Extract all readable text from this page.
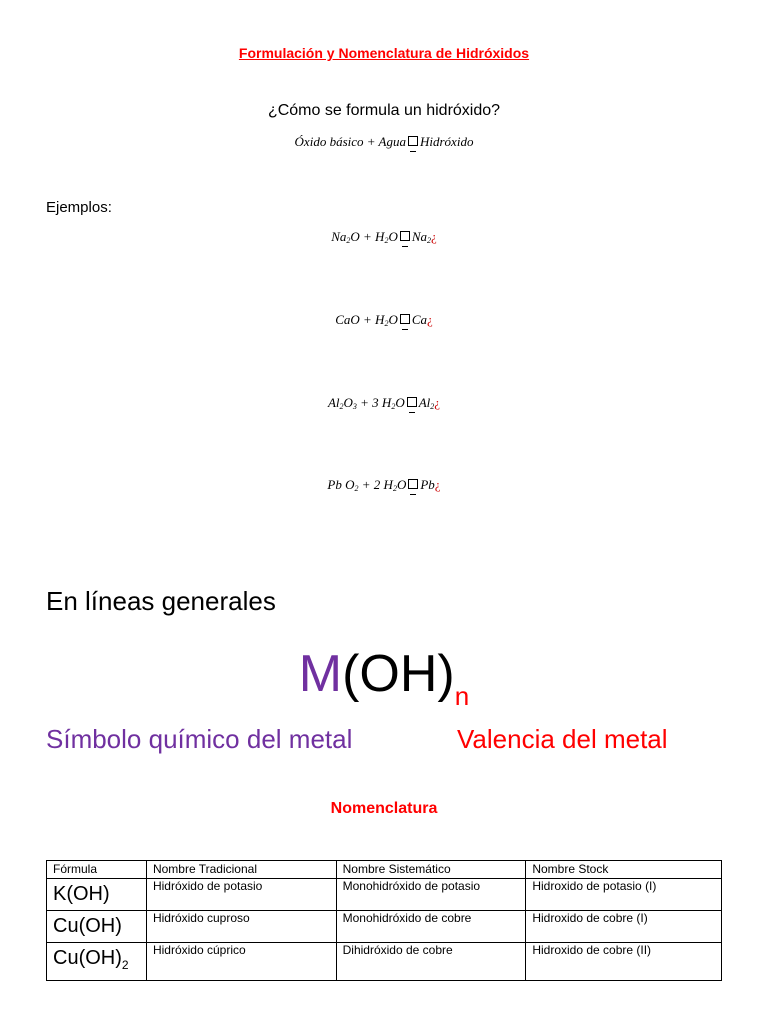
Formulación y Nomenclatura de Hidróxidos
¿Cómo se formula un hidróxido?
Óxido básico + Agua Hidróxido
Ejemplos:
$Na_2O + H_2O$ $Na_2¿$
CaO + $H_2O$ Ca¿
$Al_2O_3 + 3$ $H_2O$ $Al_2¿$
Pb $O_2 + 2$ $H_2O$ Pb¿
En líneas generales
$M(OH)_n$
Símbolo químico del metal	Valencia del metal
Nomenclatura
Fórmula	Nombre Tradicional	Nombre Sistemático	Nombre Stock
K(OH)	Hidróxido de potasio	Monohidróxido de potasio	Hidroxido de potasio (I)
Cu(OH)	Hidróxido cuproso	Monohidróxido de cobre	Hidroxido de cobre (I)
$Cu(OH)_2$	Hidróxido cúprico	Dihidróxido de cobre	Hidroxido de cobre (II)
